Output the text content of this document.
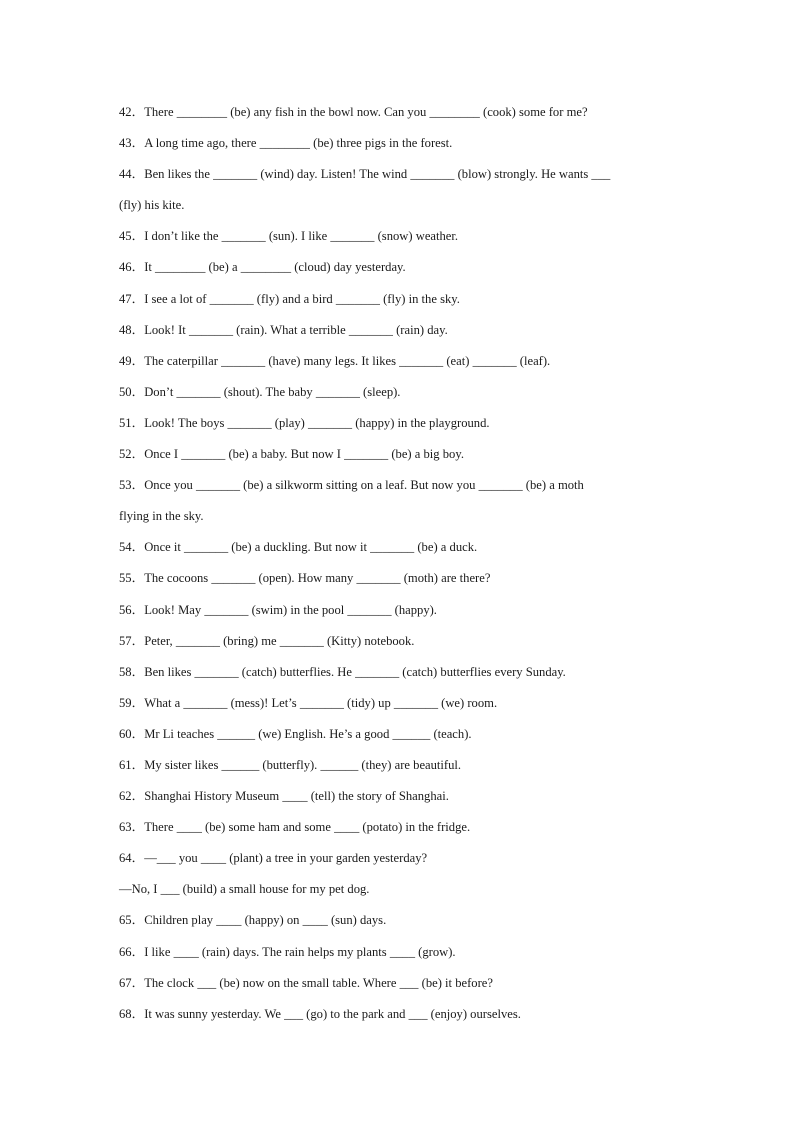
42．There ________ (be) any fish in the bowl now. Can you ________ (cook) some for me?
43．A long time ago, there ________ (be) three pigs in the forest.
44．Ben likes the _______ (wind) day. Listen! The wind _______ (blow) strongly. He wants ___
(fly) his kite.
45．I don’t like the _______ (sun). I like _______ (snow) weather.
46．It ________ (be) a ________ (cloud) day yesterday.
47．I see a lot of _______ (fly) and a bird _______ (fly) in the sky.
48．Look! It _______ (rain). What a terrible _______ (rain) day.
49．The caterpillar _______ (have) many legs. It likes _______ (eat) _______ (leaf).
50．Don’t _______ (shout). The baby _______ (sleep).
51．Look! The boys _______ (play) _______ (happy) in the playground.
52．Once I _______ (be) a baby. But now I _______ (be) a big boy.
53．Once you _______ (be) a silkworm sitting on a leaf. But now you _______ (be) a moth
flying in the sky.
54．Once it _______ (be) a duckling. But now it _______ (be) a duck.
55．The cocoons _______ (open). How many _______ (moth) are there?
56．Look! May _______ (swim) in the pool _______ (happy).
57．Peter, _______ (bring) me _______ (Kitty) notebook.
58．Ben likes _______ (catch) butterflies. He _______ (catch) butterflies every Sunday.
59．What a _______ (mess)! Let’s _______ (tidy) up _______ (we) room.
60．Mr Li teaches ______ (we) English. He’s a good ______ (teach).
61．My sister likes ______ (butterfly). ______ (they) are beautiful.
62．Shanghai History Museum ____ (tell) the story of Shanghai.
63．There ____ (be) some ham and some ____ (potato) in the fridge.
64．—___ you ____ (plant) a tree in your garden yesterday?
—No, I ___ (build) a small house for my pet dog.
65．Children play ____ (happy) on ____ (sun) days.
66．I like ____ (rain) days. The rain helps my plants ____ (grow).
67．The clock ___ (be) now on the small table. Where ___ (be) it before?
68．It was sunny yesterday. We ___ (go) to the park and ___ (enjoy) ourselves.
